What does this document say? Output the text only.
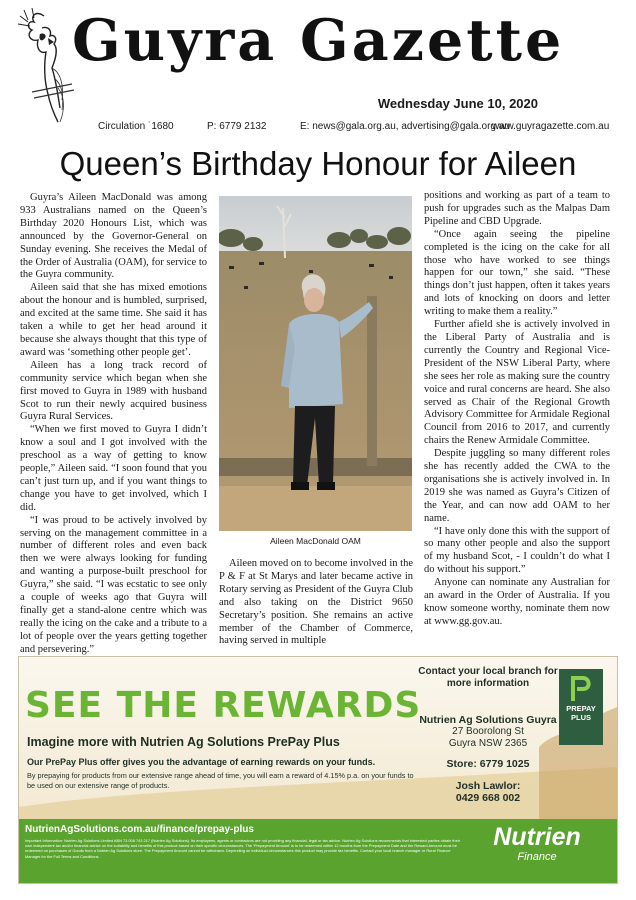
Guyra Gazette
Wednesday June 10, 2020
Circulation ˙1680	P: 6779 2132	E: news@gala.org.au, advertising@gala.org.au
www.guyragazette.com.au
Queen’s Birthday Honour for Aileen

Guyra’s Aileen MacDonald was among 933 Australians named on the Queen’s Birthday 2020 Honours List, which was announced by the Governor-General on Sunday evening. She receives the Medal of the Order of Australia (OAM), for service to the Guyra community.

Aileen said that she has mixed emotions about the honour and is humbled, surprised, and excited at the same time. She said it has taken a while to get her head around it because she always thought that this type of award was ‘something other people get’.

Aileen has a long track record of community service which began when she first moved to Guyra in 1989 with husband Scot to run their newly acquired business Guyra Rural Services.

“When we first moved to Guyra I didn’t know a soul and I got involved with the preschool as a way of getting to know people,” Aileen said. “I soon found that you can’t just turn up, and if you want things to change you have to get involved, which I did.

“I was proud to be actively involved by serving on the management committee in a number of different roles and even back then we were always looking for funding and wanting a purpose-built preschool for Guyra,” she said. “I was ecstatic to see only a couple of weeks ago that Guyra will finally get a stand-alone centre which was really the icing on the cake and a tribute to a lot of people over the years getting together and persevering.”

Aileen MacDonald OAM

Aileen moved on to become involved in the P & F at St Marys and later became active in Rotary serving as President of the Guyra Club and also taking on the District 9650 Secretary’s position. She remains an active member of the Chamber of Commerce, having served in multiple

positions and working as part of a team to push for upgrades such as the Malpas Dam Pipeline and CBD Upgrade.

“Once again seeing the pipeline completed is the icing on the cake for all those who have worked to see things happen for our town,” she said. “These things don’t just happen, often it takes years and lots of knocking on doors and letter writing to make them a reality.”

Further afield she is actively involved in the Liberal Party of Australia and is currently the Country and Regional Vice-President of the NSW Liberal Party, where she sees her role as making sure the country voice and rural concerns are heard. She also served as Chair of the Regional Growth Advisory Committee for Armidale Regional Council from 2016 to 2017, and currently chairs the Renew Armidale Committee.

Despite juggling so many different roles she has recently added the CWA to the organisations she is actively involved in. In 2019 she was named as Guyra’s Citizen of the Year, and can now add OAM to her name.

“I have only done this with the support of so many other people and also the support of my husband Scot, - I couldn’t do what I do without his support.”

Anyone can nominate any Australian for an award in the Order of Australia. If you know someone worthy, nominate them now at www.gg.gov.au.

SEE THE REWARDS
Imagine more with Nutrien Ag Solutions PrePay Plus
Our PrePay Plus offer gives you the advantage of earning rewards on your funds.
By prepaying for products from our extensive range ahead of time, you will earn a reward of 4.15% p.a. on your funds to be used on our extensive range of products.
Contact your local branch for more information
Nutrien Ag Solutions Guyra
27 Boorolong St
Guyra NSW 2365
Store: 6779 1025
Josh Lawlor:
0429 668 002
PREPAY PLUS
NutrienAgSolutions.com.au/finance/prepay-plus
Important Information: Nutrien Ag Solutions Limited ABN 73 008 743 217 (Nutrien Ag Solutions). Its employees, agents or contractors are not providing any financial, legal or tax advice. Nutrien Ag Solutions recommends that interested parties obtain their own independent tax and/or financial advice on the suitability and benefits of this product based on their specific circumstances. The ‘Prepayment Amount’ is to be redeemed within 12 months from the Prepayment Date and the Reward Amount must be redeemed on purchases of Goods from a Nutrien Ag Solutions store. The Prepayment Amount cannot be withdrawn. Depending on individual circumstances this product may provide tax benefits. Contact your local branch manager or Rural Finance Manager for the Full Terms and Conditions.
Nutrien
Finance
